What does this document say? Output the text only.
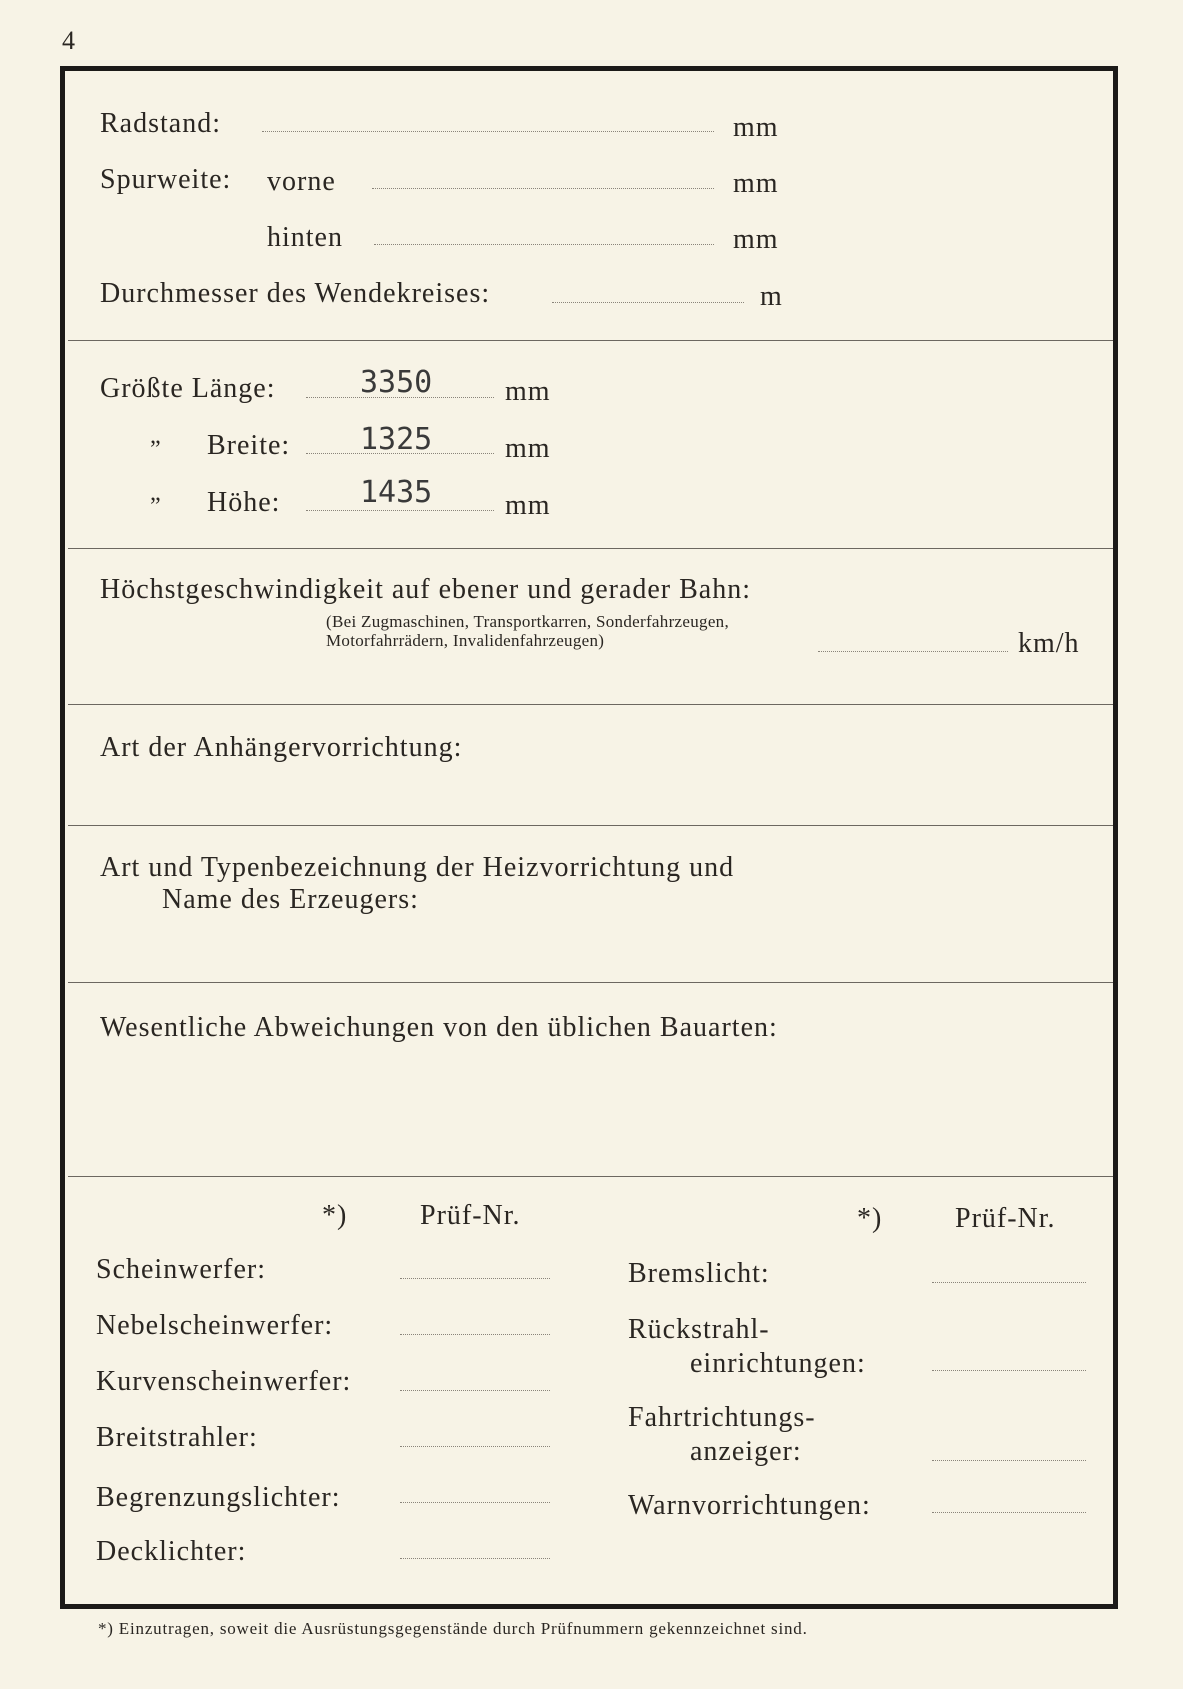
4
Radstand:	mm
Spurweite: vorne	mm
hinten	mm
Durchmesser des Wendekreises:	m
Größte Länge:	3350	mm
„ Breite: 1325	mm
„ Höhe:	1435	mm
Höchstgeschwindigkeit auf ebener und gerader Bahn:
(Bei Zugmaschinen, Transportkarren, Sonderfahrzeugen,
Motorfahrrädern, Invalidenfahrzeugen)	km/h
Art der Anhängervorrichtung:
Art und Typenbezeichnung der Heizvorrichtung und
Name des Erzeugers:
Wesentliche Abweichungen von den üblichen Bauarten:
*)	Prüf-Nr.	*)	Prüf-Nr.
Scheinwerfer:
Nebelscheinwerfer:
Kurvenscheinwerfer:
Breitstrahler:
Begrenzungslichter:
Decklichter:
Bremslicht:
Rückstrahl-
einrichtungen:
Fahrtrichtungs-
anzeiger:
Warnvorrichtungen:
*) Einzutragen, soweit die Ausrüstungsgegenstände durch Prüfnummern gekennzeichnet sind.
